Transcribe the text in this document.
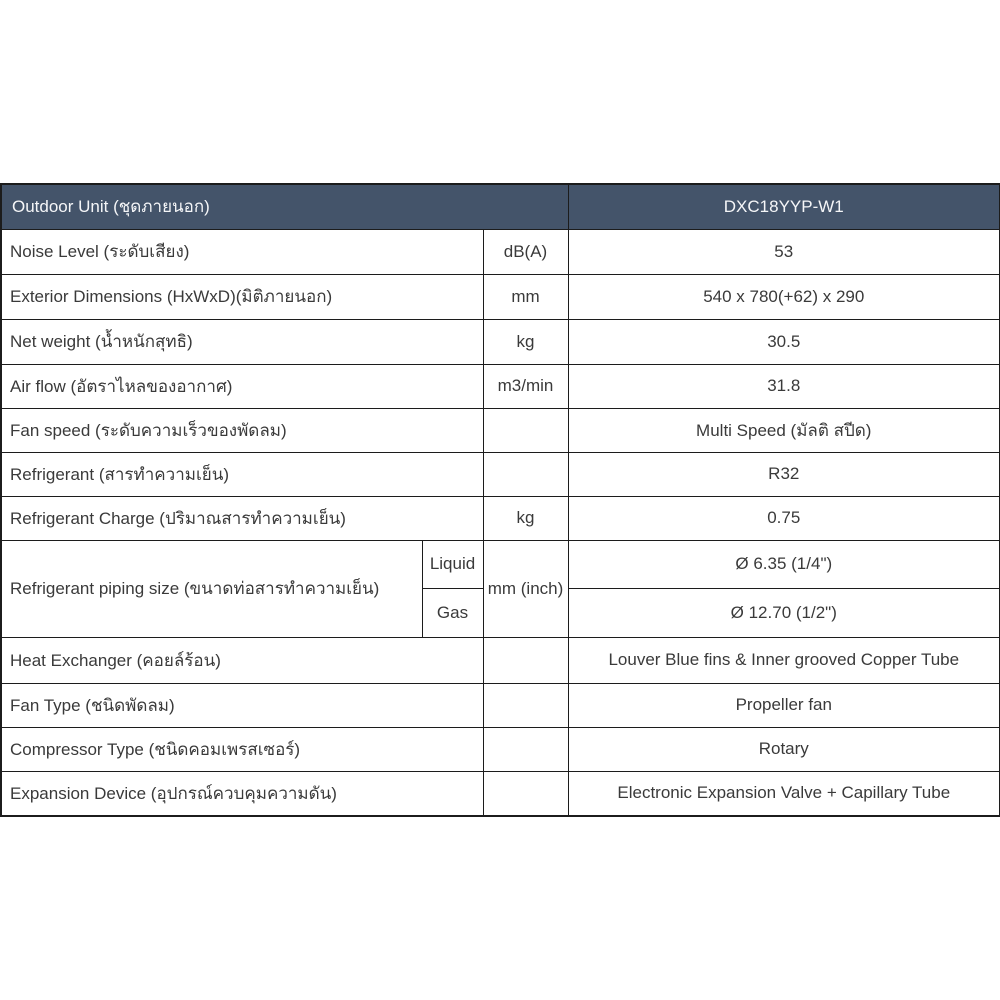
Outdoor Unit (ชุดภายนอก)			DXC18YYP-W1
Noise Level (ระดับเสียง)		dB(A)	53
Exterior Dimensions (HxWxD)(มิติภายนอก)		mm	540 x 780(+62) x 290
Net weight (น้ำหนักสุทธิ)		kg	30.5
Air flow (อัตราไหลของอากาศ)		m3/min	31.8
Fan speed (ระดับความเร็วของพัดลม)			Multi Speed (มัลติ สปีด)
Refrigerant (สารทำความเย็น)			R32
Refrigerant Charge (ปริมาณสารทำความเย็น)		kg	0.75
Refrigerant piping size (ขนาดท่อสารทำความเย็น)	Liquid	mm (inch)	Ø 6.35 (1/4")
	Gas		Ø 12.70 (1/2")
Heat Exchanger (คอยล์ร้อน)			Louver Blue fins & Inner grooved Copper Tube
Fan Type (ชนิดพัดลม)			Propeller fan
Compressor Type (ชนิดคอมเพรสเซอร์)			Rotary
Expansion Device (อุปกรณ์ควบคุมความดัน)			Electronic Expansion Valve + Capillary Tube
